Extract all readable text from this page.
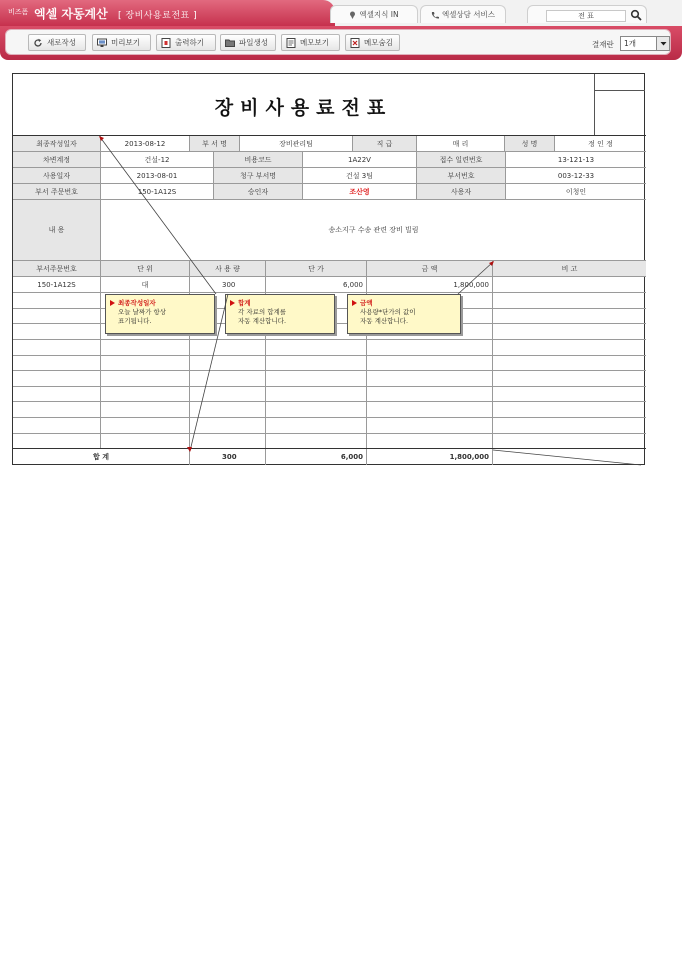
비즈폼 엑셀 자동계산 [ 장비사용료전표 ]	엑셀지식 IN	엑셀상담 서비스
전 표
새로작성	미리보기	출력하기	파일생성	메모보기	메모숨김	결재란	1개
장비사용료전표
최종작성일자	2013-08-12	부 서 명	장비관리팀	직 급	매 리	성 명	정 인 정
차변계정	건설-12	비용코드	1A22V	접수 일련번호	13-121-13
사용일자	2013-08-01	청구 부서명	건설 3팀	부서번호	003-12-33
부서 주문번호	150-1A12S	승인자	조산영	사용자	이청인
내 용	송소지구 수송 관련 장비 빌림
부서주문번호	단 위	사 용 량	단 가	금 액	비 고
150-1A12S	대	300	6,000	1,800,000
합 계	300	6,000	1,800,000
최종작성일자
오늘 날짜가 항상
표기됩니다.
합계
각 자료의 합계를
자동 계산합니다.
금액
사용량*단가의 값이
자동 계산합니다.
